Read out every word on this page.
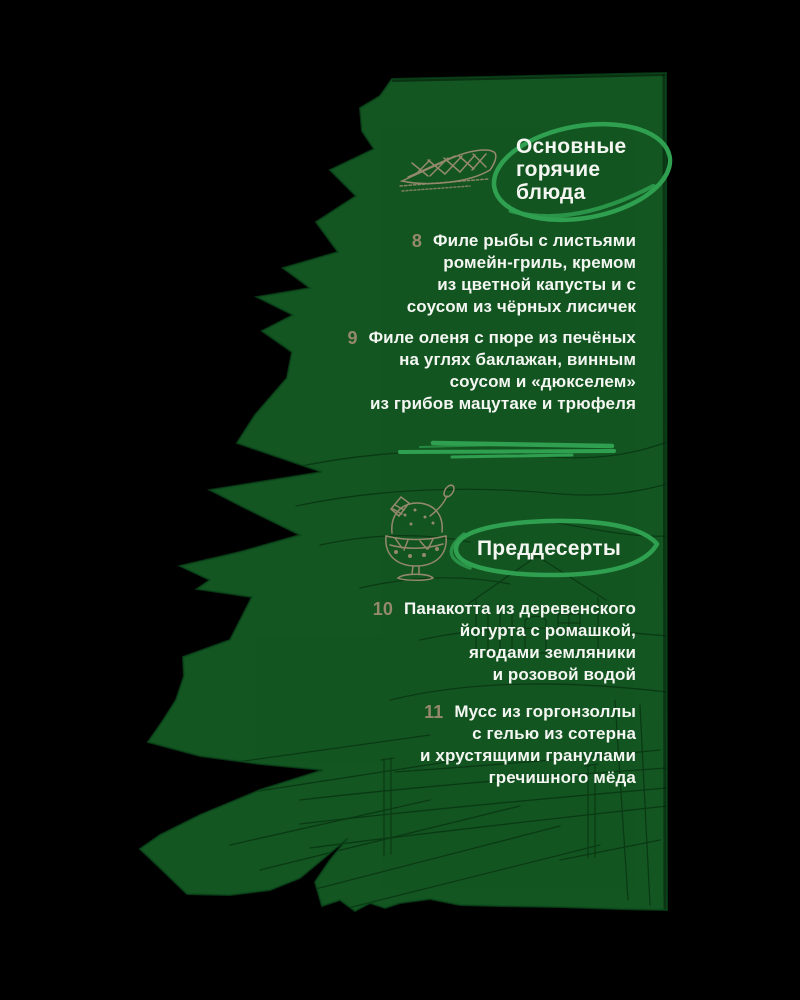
Основные
горячие
блюда
8 Филе рыбы с листьями
ромейн-гриль, кремом
из цветной капусты и с
соусом из чёрных лисичек
9 Филе оленя с пюре из печёных
на углях баклажан, винным
соусом и «дюкселем»
из грибов мацутаке и трюфеля
Преддесерты
10 Панакотта из деревенского
йогурта с ромашкой,
ягодами земляники
и розовой водой
11 Мусс из горгонзоллы
с гелью из сотерна
и хрустящими гранулами
гречишного мёда
